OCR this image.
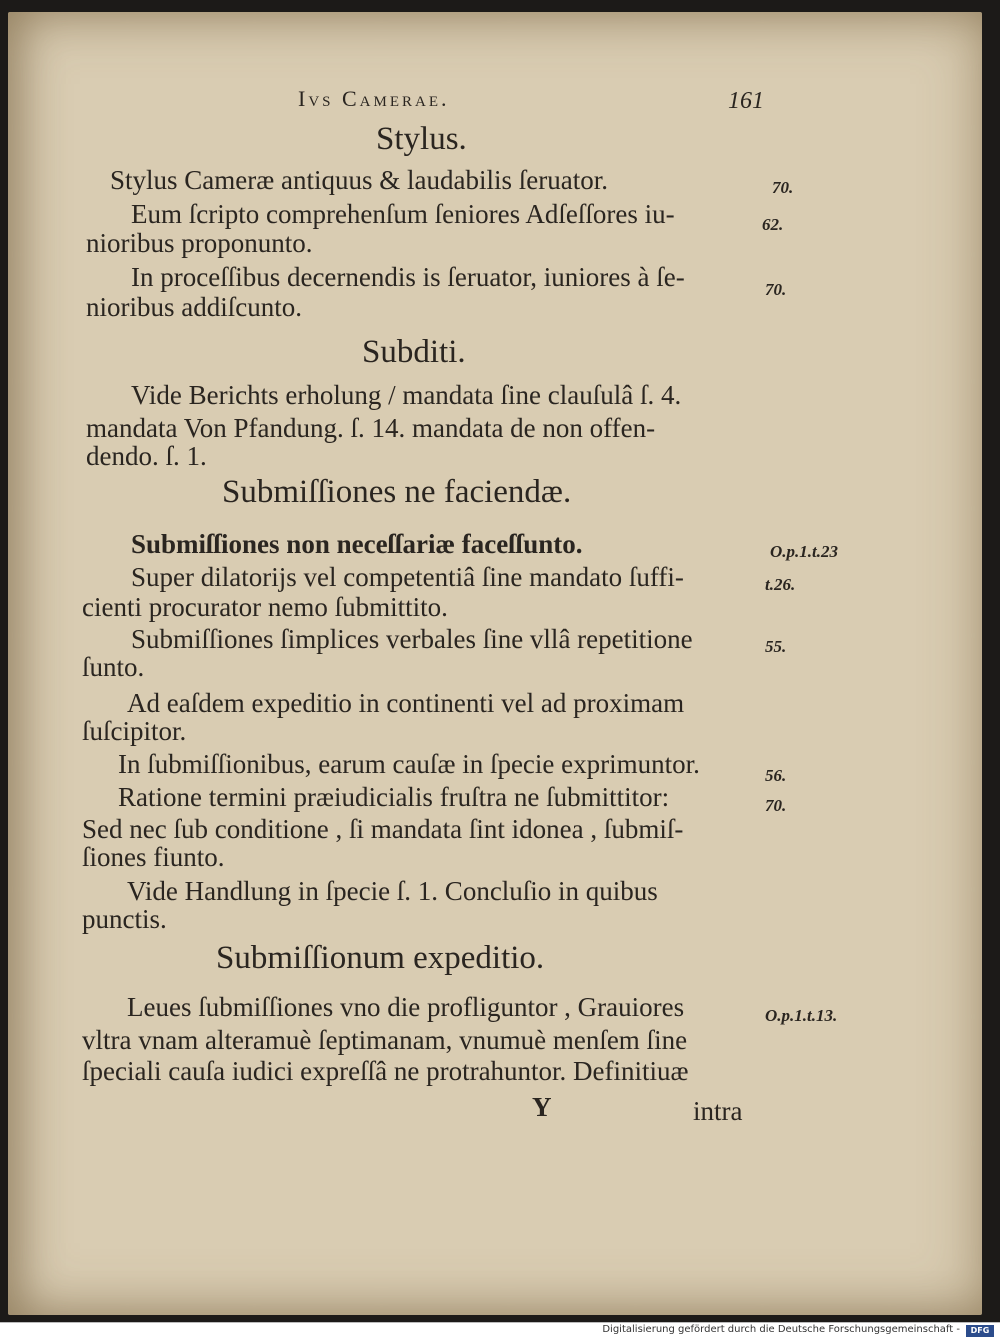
Ivs Camerae.	161
Stylus.
Stylus Cameræ antiquus & laudabilis ſeruator.	70.
Eum ſcripto comprehenſum ſeniores Adſeſſores iu-	62.
nioribus proponunto.
In proceſſibus decernendis is ſeruator, iuniores à ſe-	70.
nioribus addiſcunto.
Subditi.
Vide Berichts erholung / mandata ſine clauſulâ ſ. 4.
mandata Von Pfandung. ſ. 14. mandata de non offen-
dendo. ſ. 1.
Submiſſiones ne faciendæ.
Submiſſiones non neceſſariæ faceſſunto.	O.p.1.t.23
Super dilatorijs vel competentiâ ſine mandato ſuffi-	t.26.
cienti procurator nemo ſubmittito.
Submiſſiones ſimplices verbales ſine vllâ repetitione	55.
ſunto.
Ad eaſdem expeditio in continenti vel ad proximam
ſuſcipitor.
In ſubmiſſionibus, earum cauſæ in ſpecie exprimuntor.	56.
Ratione termini præiudicialis fruſtra ne ſubmittitor:	70.
Sed nec ſub conditione , ſi mandata ſint idonea , ſubmiſ-
ſiones fiunto.
Vide Handlung in ſpecie ſ. 1. Concluſio in quibus
punctis.
Submiſſionum expeditio.
Leues ſubmiſſiones vno die profliguntor , Grauiores	O.p.1.t.13.
vltra vnam alteramuè ſeptimanam, vnumuè menſem ſine
ſpeciali cauſa iudici expreſſâ ne protrahuntor. Definitiuæ
Y	intra
Digitalisierung gefördert durch die Deutsche Forschungsgemeinschaft -	DFG
